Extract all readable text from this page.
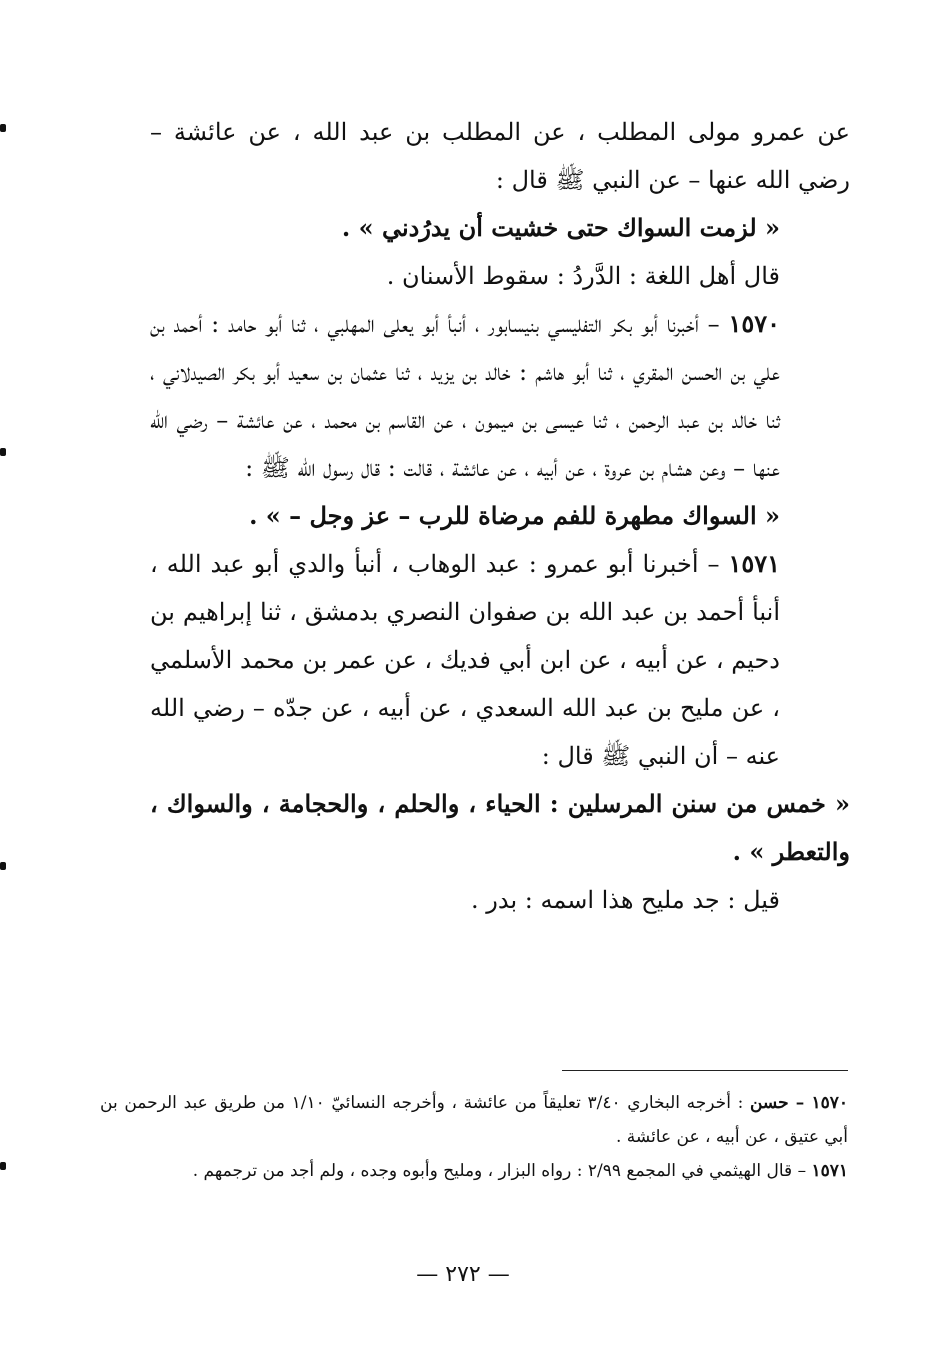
عن عمرو مولى المطلب ، عن المطلب بن عبد الله ، عن عائشة – رضي الله عنها – عن النبي ﷺ قال :

« لزمت السواك حتى خشيت أن يدرُدني » .

قال أهل اللغة : الدَّردُ : سقوط الأسنان .

١٥٧٠ – أخبرنا أبو بكر التفليسي بنيسابور ، أنبأ أبو يعلى المهلبي ، ثنا أبو حامد : أحمد بن علي بن الحسن المقري ، ثنا أبو هاشم : خالد بن يزيد ، ثنا عثمان بن سعيد أبو بكر الصيدلاني ، ثنا خالد بن عبد الرحمن ، ثنا عيسى بن ميمون ، عن القاسم بن محمد ، عن عائشة – رضي الله عنها – وعن هشام بن عروة ، عن أبيه ، عن عائشة ، قالت : قال رسول الله ﷺ :

« السواك مطهرة للفم مرضاة للرب – عز وجل – » .

١٥٧١ – أخبرنا أبو عمرو : عبد الوهاب ، أنبأ والدي أبو عبد الله ، أنبأ أحمد بن عبد الله بن صفوان النصري بدمشق ، ثنا إبراهيم بن دحيم ، عن أبيه ، عن ابن أبي فديك ، عن عمر بن محمد الأسلمي ، عن مليح بن عبد الله السعدي ، عن أبيه ، عن جدّه – رضي الله عنه – أن النبي ﷺ قال :

« خمس من سنن المرسلين : الحياء ، والحلم ، والحجامة ، والسواك ، والتعطر » .

قيل : جد مليح هذا اسمه : بدر .

١٥٧٠ – حسن : أخرجه البخاري ٣/٤٠ تعليقاً من عائشة ، وأخرجه النسائيّ ١/١٠ من طريق عبد الرحمن بن أبي عتيق ، عن أبيه ، عن عائشة .

١٥٧١ – قال الهيثمي في المجمع ٢/٩٩ : رواه البزار ، ومليح وأبوه وجده ، ولم أجد من ترجمهم .

— ٢٧٢ —
